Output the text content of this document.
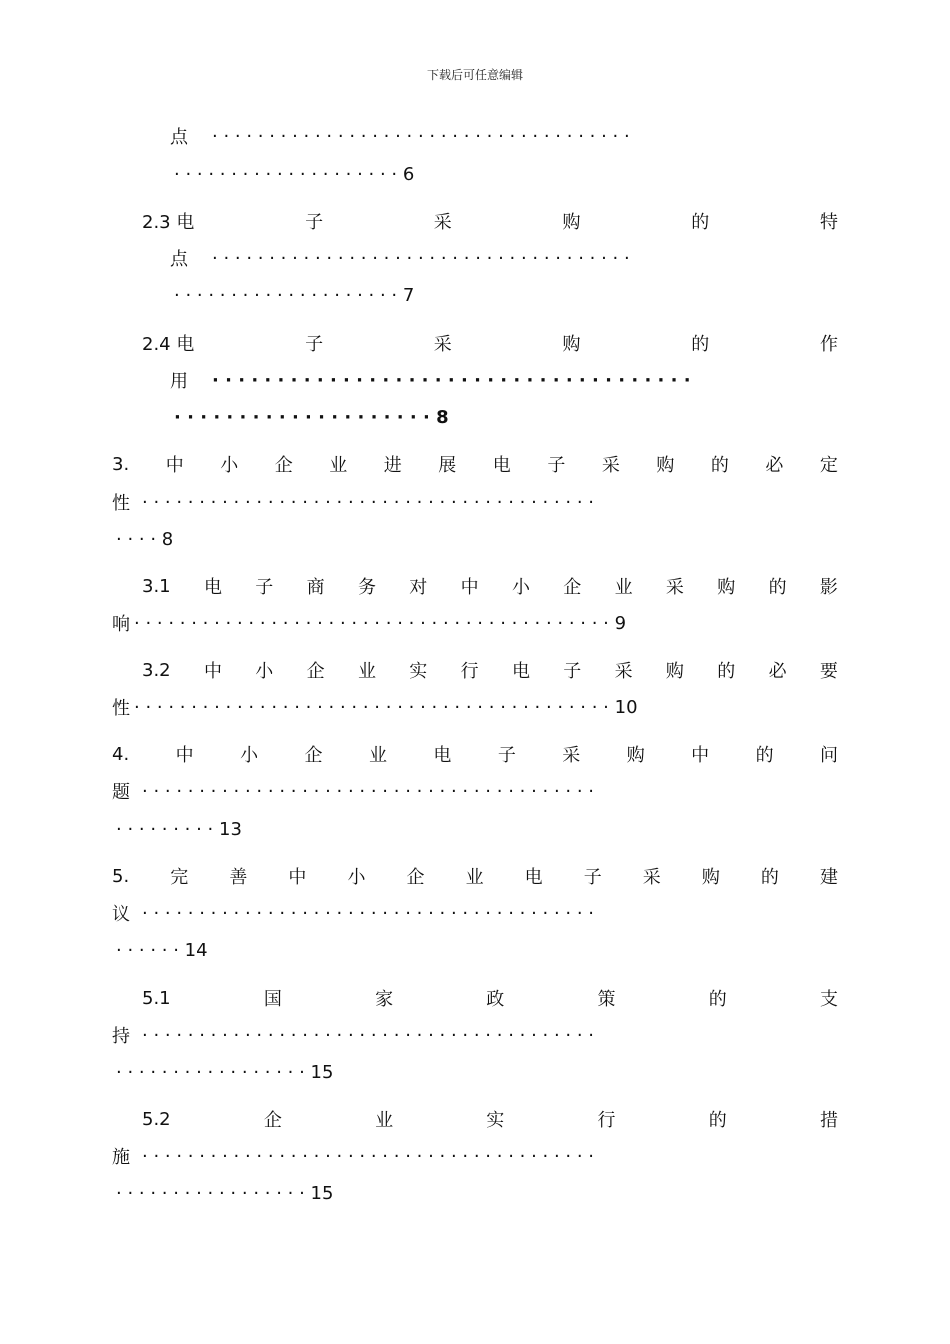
下载后可任意编辑
点 · · · · · · · · · · · · · · · · · · · · · · · · · · · · · · · · · · · · ·
· · · · · · · · · · · · · · · · · · · · 6
2.3 电	子	采	购	的	特
点 · · · · · · · · · · · · · · · · · · · · · · · · · · · · · · · · · · · · ·
· · · · · · · · · · · · · · · · · · · · 7
2.4 电	子	采	购	的	作
用 · · · · · · · · · · · · · · · · · · · · · · · · · · · · · · · · · · · · ·
· · · · · · · · · · · · · · · · · · · · 8
3. 中 小 企 业 进 展 电 子 采 购 的 必 定
性 · · · · · · · · · · · · · · · · · · · · · · · · · · · · · · · · · · · · · · · ·
· · · · 8
3.1 电 子 商 务 对 中 小 企 业 采 购 的 影
响 · · · · · · · · · · · · · · · · · · · · · · · · · · · · · · · · · · · · · · · · · · 9
3.2 中 小 企 业 实 行 电 子 采 购 的 必 要
性 · · · · · · · · · · · · · · · · · · · · · · · · · · · · · · · · · · · · · · · · · · 10
4.	中	小	企	业	电	子	采	购	中	的	问
题 · · · · · · · · · · · · · · · · · · · · · · · · · · · · · · · · · · · · · · · ·
· · · · · · · · · 13
5. 完 善 中 小 企 业 电 子 采 购 的 建
议 · · · · · · · · · · · · · · · · · · · · · · · · · · · · · · · · · · · · · · · ·
· · · · · · 14
5.1	国	家	政	策	的	支
持 · · · · · · · · · · · · · · · · · · · · · · · · · · · · · · · · · · · · · · · ·
· · · · · · · · · · · · · · · · · 15
5.2	企	业	实	行	的	措
施 · · · · · · · · · · · · · · · · · · · · · · · · · · · · · · · · · · · · · · · ·
· · · · · · · · · · · · · · · · · 15
